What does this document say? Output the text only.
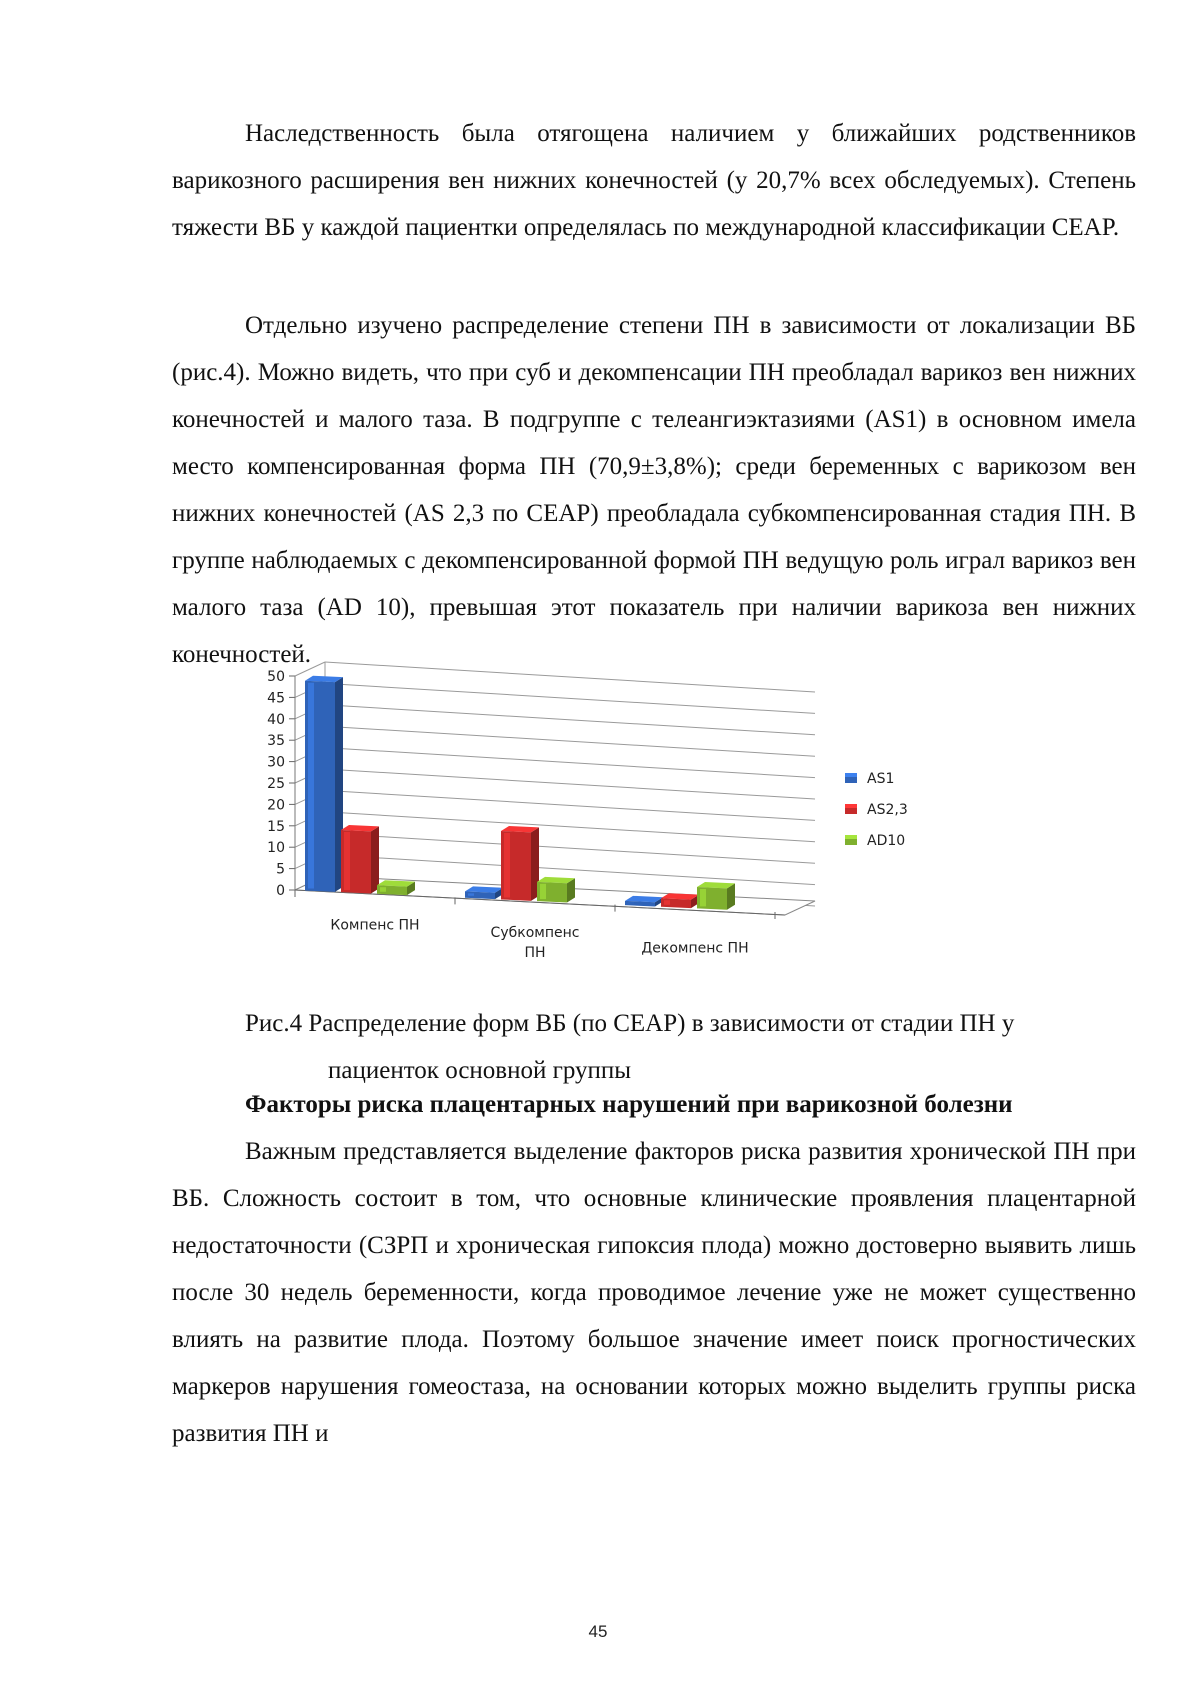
Наследственность была отягощена наличием у ближайших родственников варикозного расширения вен нижних конечностей (у 20,7% всех обследуемых). Степень тяжести ВБ у каждой пациентки определялась по международной классификации CEAP.

Отдельно изучено распределение степени ПН в зависимости от локализации ВБ (рис.4). Можно видеть, что при суб и декомпенсации ПН преобладал варикоз вен нижних конечностей и малого таза. В подгруппе с телеангиэктазиями (AS1) в основном имела место компенсированная форма ПН (70,9±3,8%); среди беременных с варикозом вен нижних конечностей (AS 2,3 по CEAP) преобладала субкомпенсированная стадия ПН. В группе наблюдаемых с декомпенсированной формой ПН ведущую роль играл варикоз вен малого таза (AD 10), превышая этот показатель при наличии варикоза вен нижних конечностей.

0
5
10
15
20
25
30
35
40
45
50
Компенс ПН	Субкомпенс
ПН	Декомпенс ПН
AS1
AS2,3
AD10
Рис.4 Распределение форм ВБ (по CEAP) в зависимости от стадии ПН у
пациенток основной группы

Факторы риска плацентарных нарушений при варикозной болезни

Важным представляется выделение факторов риска развития хронической ПН при ВБ. Сложность состоит в том, что основные клинические проявления плацентарной недостаточности (СЗРП и хроническая гипоксия плода) можно достоверно выявить лишь после 30 недель беременности, когда проводимое лечение уже не может существенно влиять на развитие плода. Поэтому большое значение имеет поиск прогностических маркеров нарушения гомеостаза, на основании которых можно выделить группы риска развития ПН и

45
